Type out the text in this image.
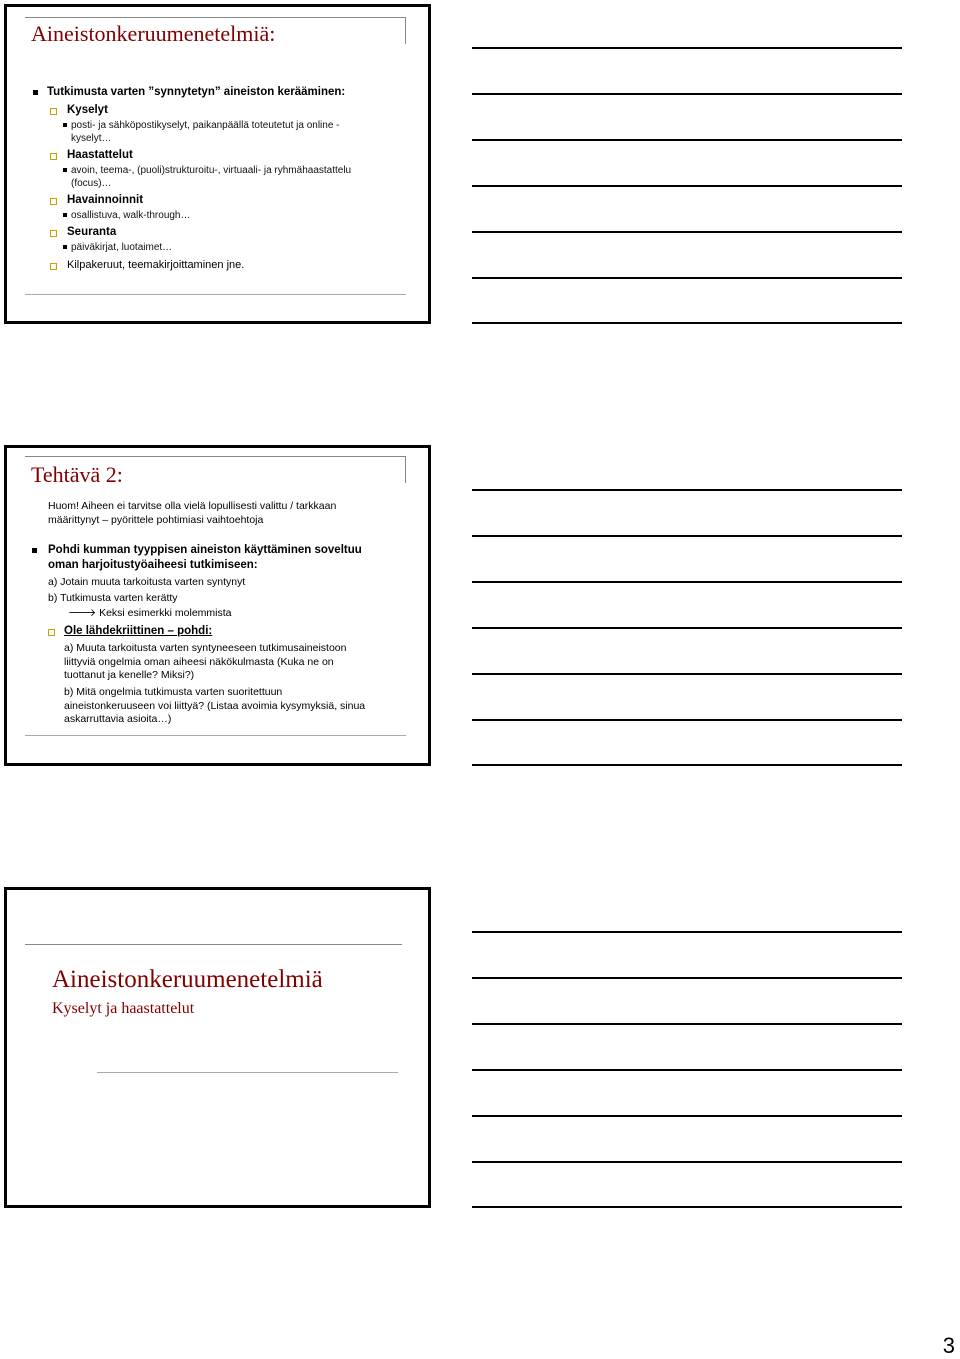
Aineistonkeruumenetelmiä:
Tutkimusta varten ”synnytetyn” aineiston kerääminen:
Kyselyt
posti- ja sähköpostikyselyt, paikanpäällä toteutetut ja online -
kyselyt…
Haastattelut
avoin, teema-, (puoli)strukturoitu-, virtuaali- ja ryhmähaastattelu
(focus)…
Havainnoinnit
osallistuva, walk-through…
Seuranta
päiväkirjat, luotaimet…
Kilpakeruut, teemakirjoittaminen jne.
Tehtävä 2:
Huom! Aiheen ei tarvitse olla vielä lopullisesti valittu / tarkkaan
määrittynyt – pyörittele pohtimiasi vaihtoehtoja
Pohdi kumman tyyppisen aineiston käyttäminen soveltuu
oman harjoitustyöaiheesi tutkimiseen:
a) Jotain muuta tarkoitusta varten syntynyt
b) Tutkimusta varten kerätty
🡒 Keksi esimerkki molemmista
Ole lähdekriittinen – pohdi:
a) Muuta tarkoitusta varten syntyneeseen tutkimusaineistoon
liittyviä ongelmia oman aiheesi näkökulmasta (Kuka ne on
tuottanut ja kenelle? Miksi?)
b) Mitä ongelmia tutkimusta varten suoritettuun
aineistonkeruuseen voi liittyä? (Listaa avoimia kysymyksiä, sinua
askarruttavia asioita…)
Aineistonkeruumenetelmiä
Kyselyt ja haastattelut
3
